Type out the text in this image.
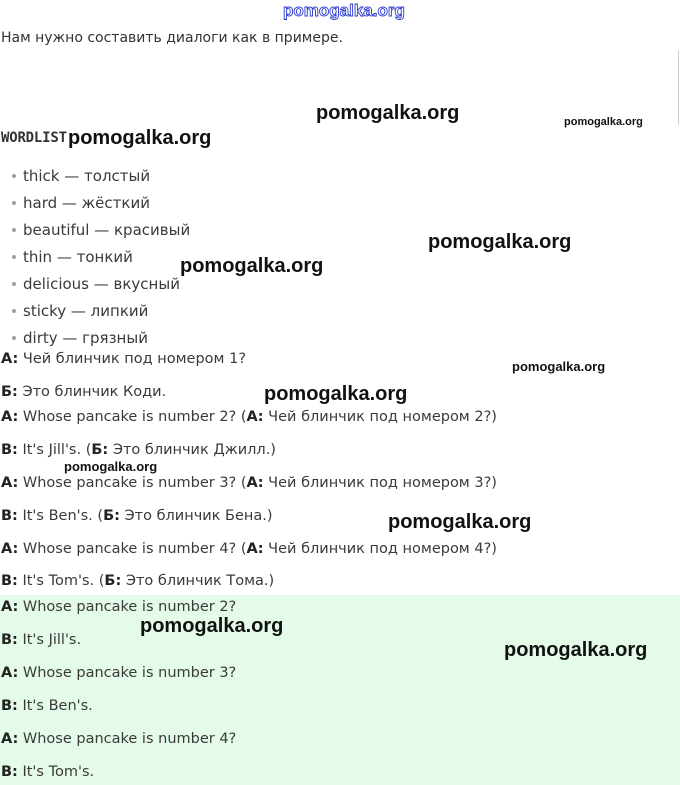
pomogalka.org
Нам нужно составить диалоги как в примере.
WORDLIST
thick — толстый
hard — жёсткий
beautiful — красивый
thin — тонкий
delicious — вкусный
sticky — липкий
dirty — грязный
A: Чей блинчик под номером 1?
Б: Это блинчик Коди.
A: Whose pancake is number 2? (А: Чей блинчик под номером 2?)
B: It's Jill's. (Б: Это блинчик Джилл.)
A: Whose pancake is number 3? (А: Чей блинчик под номером 3?)
B: It's Ben's. (Б: Это блинчик Бена.)
A: Whose pancake is number 4? (А: Чей блинчик под номером 4?)
B: It's Tom's. (Б: Это блинчик Тома.)
A: Whose pancake is number 2?
B: It's Jill's.
A: Whose pancake is number 3?
B: It's Ben's.
A: Whose pancake is number 4?
B: It's Tom's.
pomogalka.org	pomogalka.org
pomogalka.org
pomogalka.org
pomogalka.org
pomogalka.org
pomogalka.org
pomogalka.org
pomogalka.org
pomogalka.org
pomogalka.org
